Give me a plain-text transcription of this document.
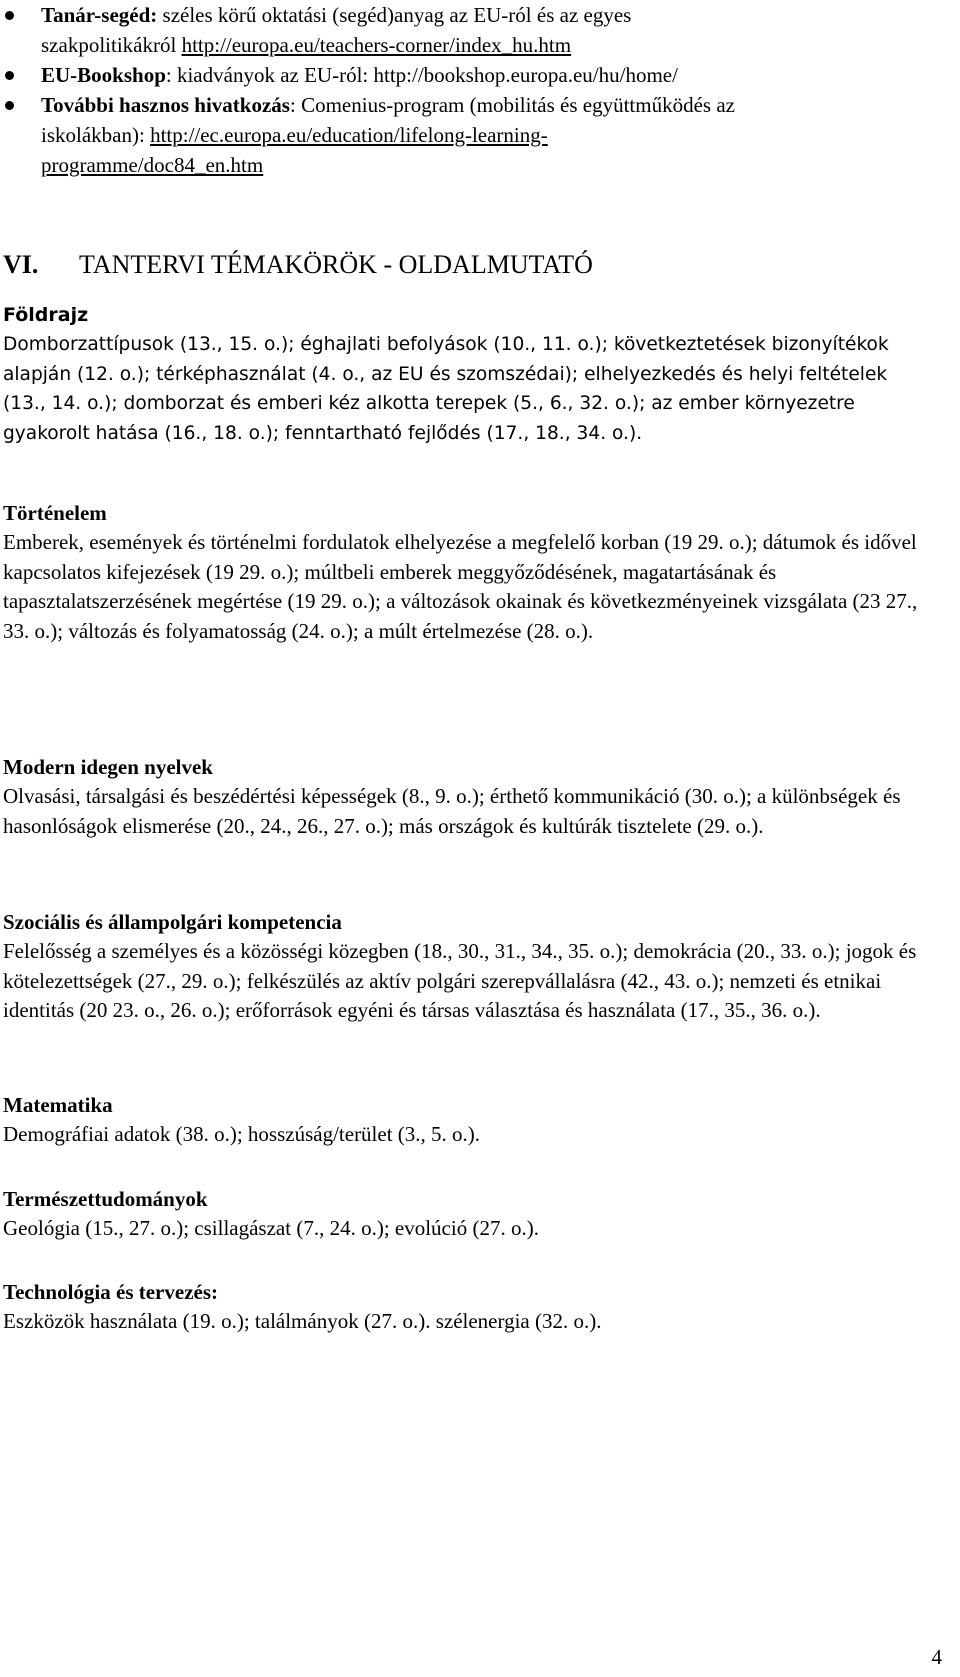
Tanár-segéd: széles körű oktatási (segéd)anyag az EU-ról és az egyes szakpolitikákról http://europa.eu/teachers-corner/index_hu.htm
EU-Bookshop: kiadványok az EU-ról: http://bookshop.europa.eu/hu/home/
További hasznos hivatkozás: Comenius-program (mobilitás és együttműködés az iskolákban): http://ec.europa.eu/education/lifelong-learning-programme/doc84_en.htm
VI. TANTERVI TÉMAKÖRÖK - OLDALMUTATÓ
Földrajz

Domborzattípusok (13., 15. o.); éghajlati befolyások (10., 11. o.); következtetések bizonyítékok alapján (12. o.); térképhasználat (4. o., az EU és szomszédai); elhelyezkedés és helyi feltételek (13., 14. o.); domborzat és emberi kéz alkotta terepek (5., 6., 32. o.); az ember környezetre gyakorolt hatása (16., 18. o.); fenntartható fejlődés (17., 18., 34. o.).

Történelem

Emberek, események és történelmi fordulatok elhelyezése a megfelelő korban (19 29. o.); dátumok és idővel kapcsolatos kifejezések (19 29. o.); múltbeli emberek meggyőződésének, magatartásának és tapasztalatszerzésének megértése (19 29. o.); a változások okainak és következményeinek vizsgálata (23 27., 33. o.); változás és folyamatosság (24. o.); a múlt értelmezése (28. o.).

Modern idegen nyelvek

Olvasási, társalgási és beszédértési képességek (8., 9. o.); érthető kommunikáció (30. o.); a különbségek és hasonlóságok elismerése (20., 24., 26., 27. o.); más országok és kultúrák tisztelete (29. o.).

Szociális és állampolgári kompetencia

Felelősség a személyes és a közösségi közegben (18., 30., 31., 34., 35. o.); demokrácia (20., 33. o.); jogok és kötelezettségek (27., 29. o.); felkészülés az aktív polgári szerepvállalásra (42., 43. o.); nemzeti és etnikai identitás (20 23. o., 26. o.); erőforrások egyéni és társas választása és használata (17., 35., 36. o.).

Matematika

Demográfiai adatok (38. o.); hosszúság/terület (3., 5. o.).

Természettudományok

Geológia (15., 27. o.); csillagászat (7., 24. o.); evolúció (27. o.).

Technológia és tervezés:

Eszközök használata (19. o.); találmányok (27. o.). szélenergia (32. o.).

4
